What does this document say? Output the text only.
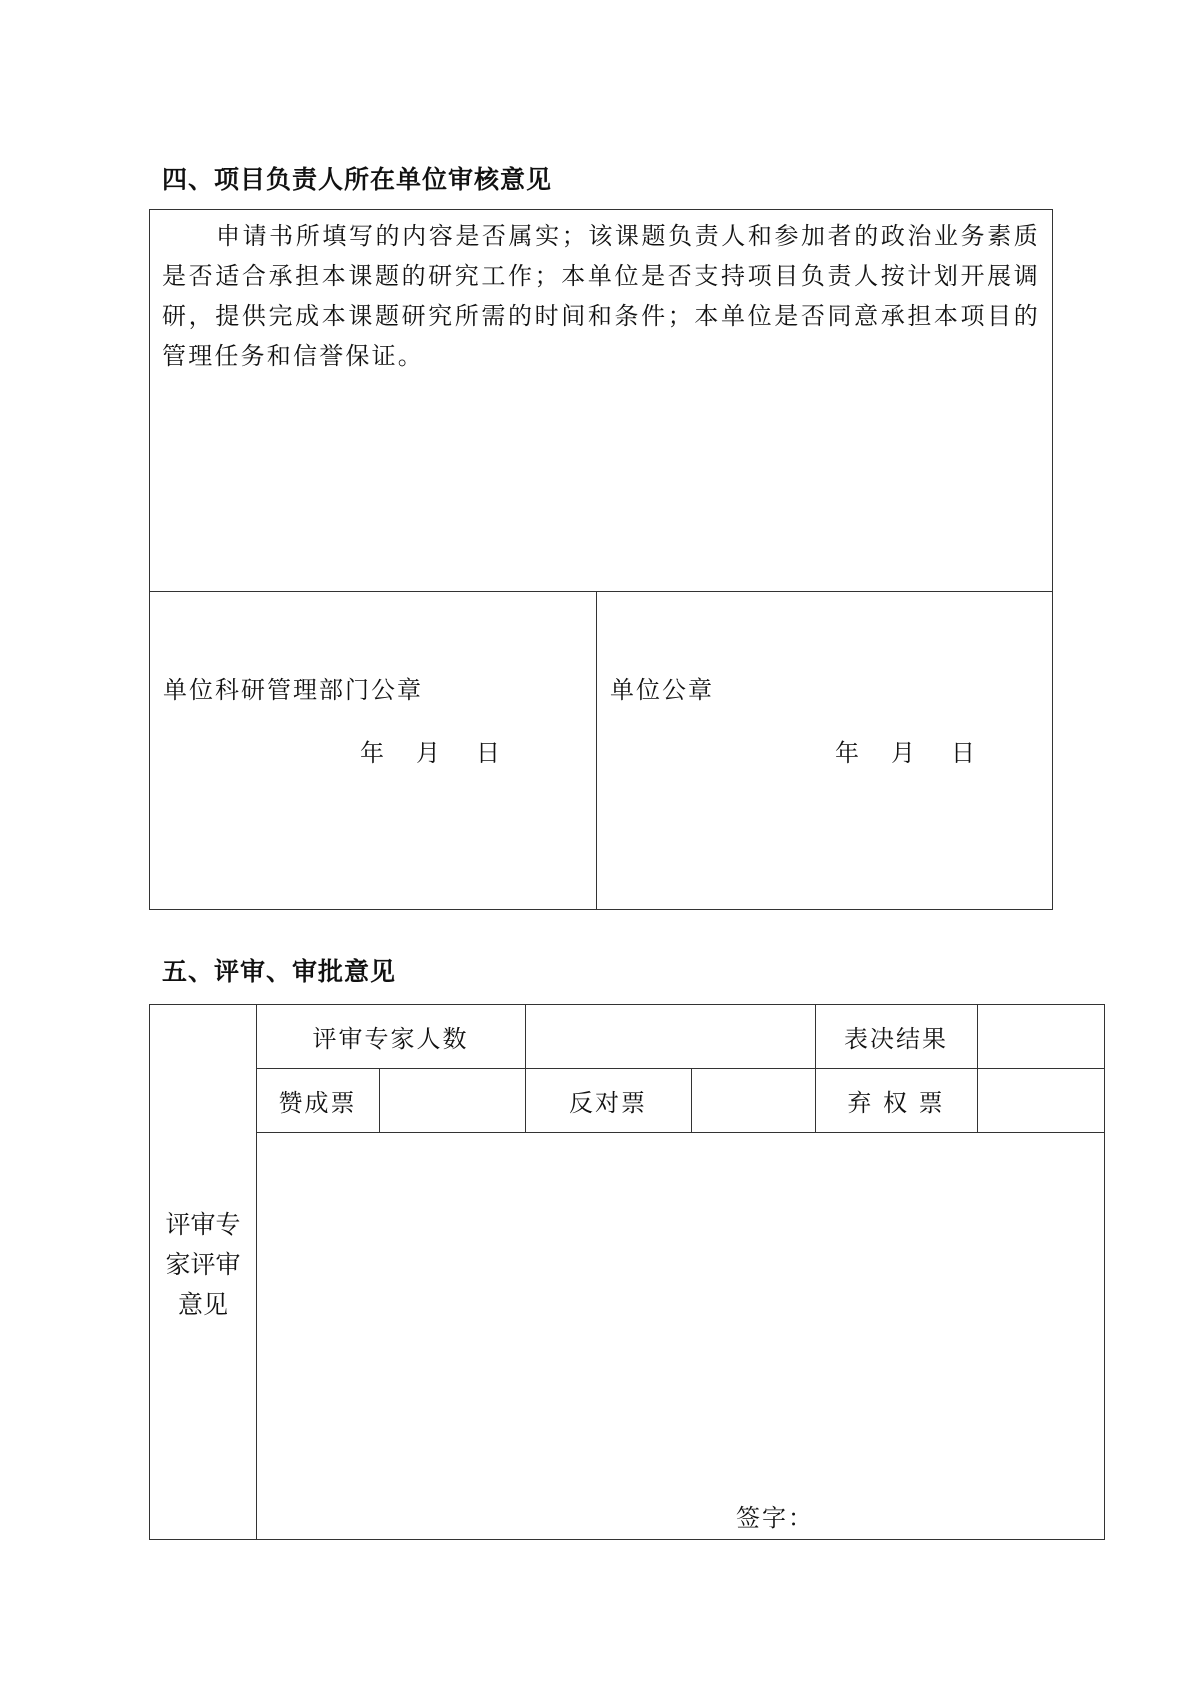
四、项目负责人所在单位审核意见
申请书所填写的内容是否属实；该课题负责人和参加者的政治业务素质是否适合承担本课题的研究工作；本单位是否支持项目负责人按计划开展调研，提供完成本课题研究所需的时间和条件；本单位是否同意承担本项目的管理任务和信誉保证。
单位科研管理部门公章
年 月 日
单位公章
年 月 日
五、评审、审批意见
评审专
家评审
意见
评审专家人数	表决结果
赞成票	反对票	弃 权 票
签字：
